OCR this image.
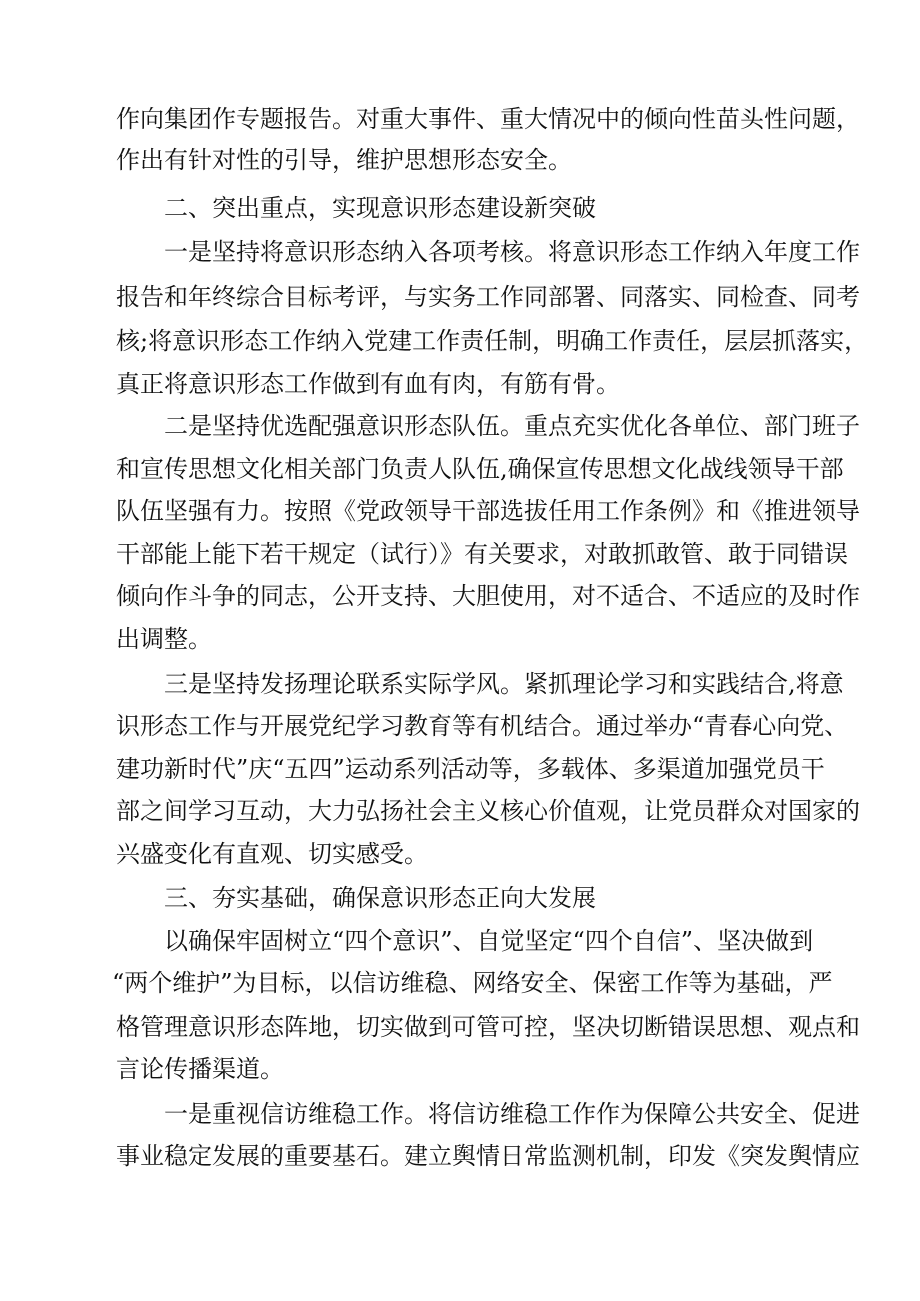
作向集团作专题报告。对重大事件、重大情况中的倾向性苗头性问题，
作出有针对性的引导，维护思想形态安全。
二、突出重点，实现意识形态建设新突破
一是坚持将意识形态纳入各项考核。将意识形态工作纳入年度工作
报告和年终综合目标考评，与实务工作同部署、同落实、同检查、同考
核;将意识形态工作纳入党建工作责任制，明确工作责任，层层抓落实，
真正将意识形态工作做到有血有肉，有筋有骨。
二是坚持优选配强意识形态队伍。重点充实优化各单位、部门班子
和宣传思想文化相关部门负责人队伍,确保宣传思想文化战线领导干部
队伍坚强有力。按照《党政领导干部选拔任用工作条例》和《推进领导
干部能上能下若干规定（试行）》有关要求，对敢抓敢管、敢于同错误
倾向作斗争的同志，公开支持、大胆使用，对不适合、不适应的及时作
出调整。
三是坚持发扬理论联系实际学风。紧抓理论学习和实践结合,将意
识形态工作与开展党纪学习教育等有机结合。通过举办“青春心向党、
建功新时代”庆“五四”运动系列活动等，多载体、多渠道加强党员干
部之间学习互动，大力弘扬社会主义核心价值观，让党员群众对国家的
兴盛变化有直观、切实感受。
三、夯实基础，确保意识形态正向大发展
以确保牢固树立“四个意识”、自觉坚定“四个自信”、坚决做到
“两个维护”为目标，以信访维稳、网络安全、保密工作等为基础，严
格管理意识形态阵地，切实做到可管可控，坚决切断错误思想、观点和
言论传播渠道。
一是重视信访维稳工作。将信访维稳工作作为保障公共安全、促进
事业稳定发展的重要基石。建立舆情日常监测机制，印发《突发舆情应
